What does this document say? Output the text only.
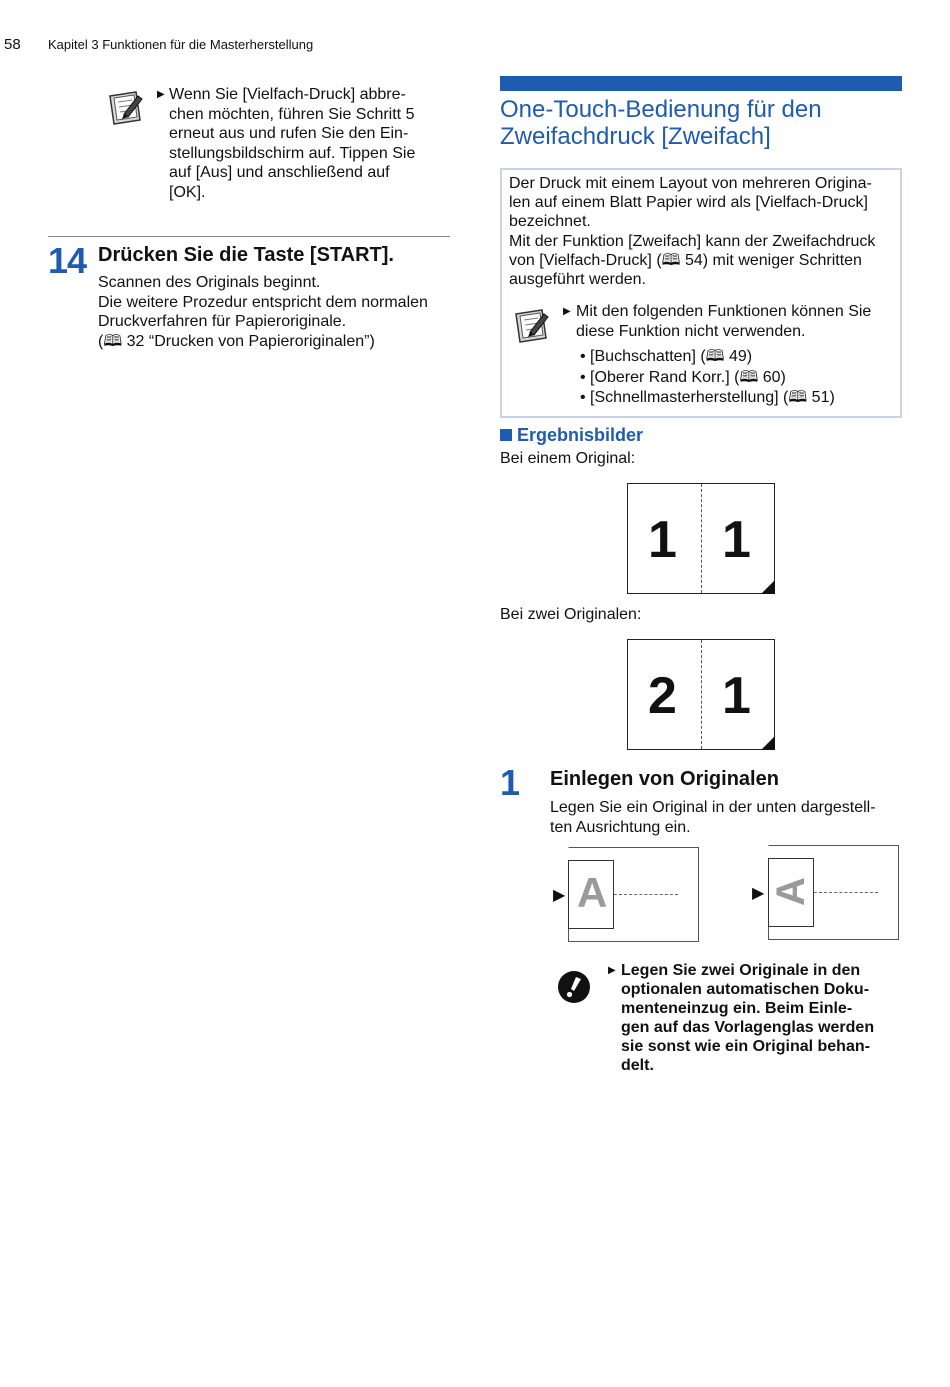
58 Kapitel 3 Funktionen für die Masterherstellung
▶ Wenn Sie [Vielfach-Druck] abbre-
chen möchten, führen Sie Schritt 5
erneut aus und rufen Sie den Ein-
stellungsbildschirm auf. Tippen Sie
auf [Aus] und anschließend auf
[OK].
14 Drücken Sie die Taste [START].
Scannen des Originals beginnt.
Die weitere Prozedur entspricht dem normalen
Druckverfahren für Papieroriginale.
(🕮 32 “Drucken von Papieroriginalen”)
One-Touch-Bedienung für den
Zweifachdruck [Zweifach]
Der Druck mit einem Layout von mehreren Origina-
len auf einem Blatt Papier wird als [Vielfach-Druck]
bezeichnet.
Mit der Funktion [Zweifach] kann der Zweifachdruck
von [Vielfach-Druck] (🕮 54) mit weniger Schritten
ausgeführt werden.
▶ Mit den folgenden Funktionen können Sie
diese Funktion nicht verwenden.
• [Buchschatten] (🕮 49)
• [Oberer Rand Korr.] (🕮 60)
• [Schnellmasterherstellung] (🕮 51)
Ergebnisbilder
Bei einem Original:
1 1
Bei zwei Originalen:
2 1
1 Einlegen von Originalen
Legen Sie ein Original in der unten dargestell-
ten Ausrichtung ein.
A
▶	A
▶
▶ Legen Sie zwei Originale in den
optionalen automatischen Doku-
menteneinzug ein. Beim Einle-
gen auf das Vorlagenglas werden
sie sonst wie ein Original behan-
delt.
